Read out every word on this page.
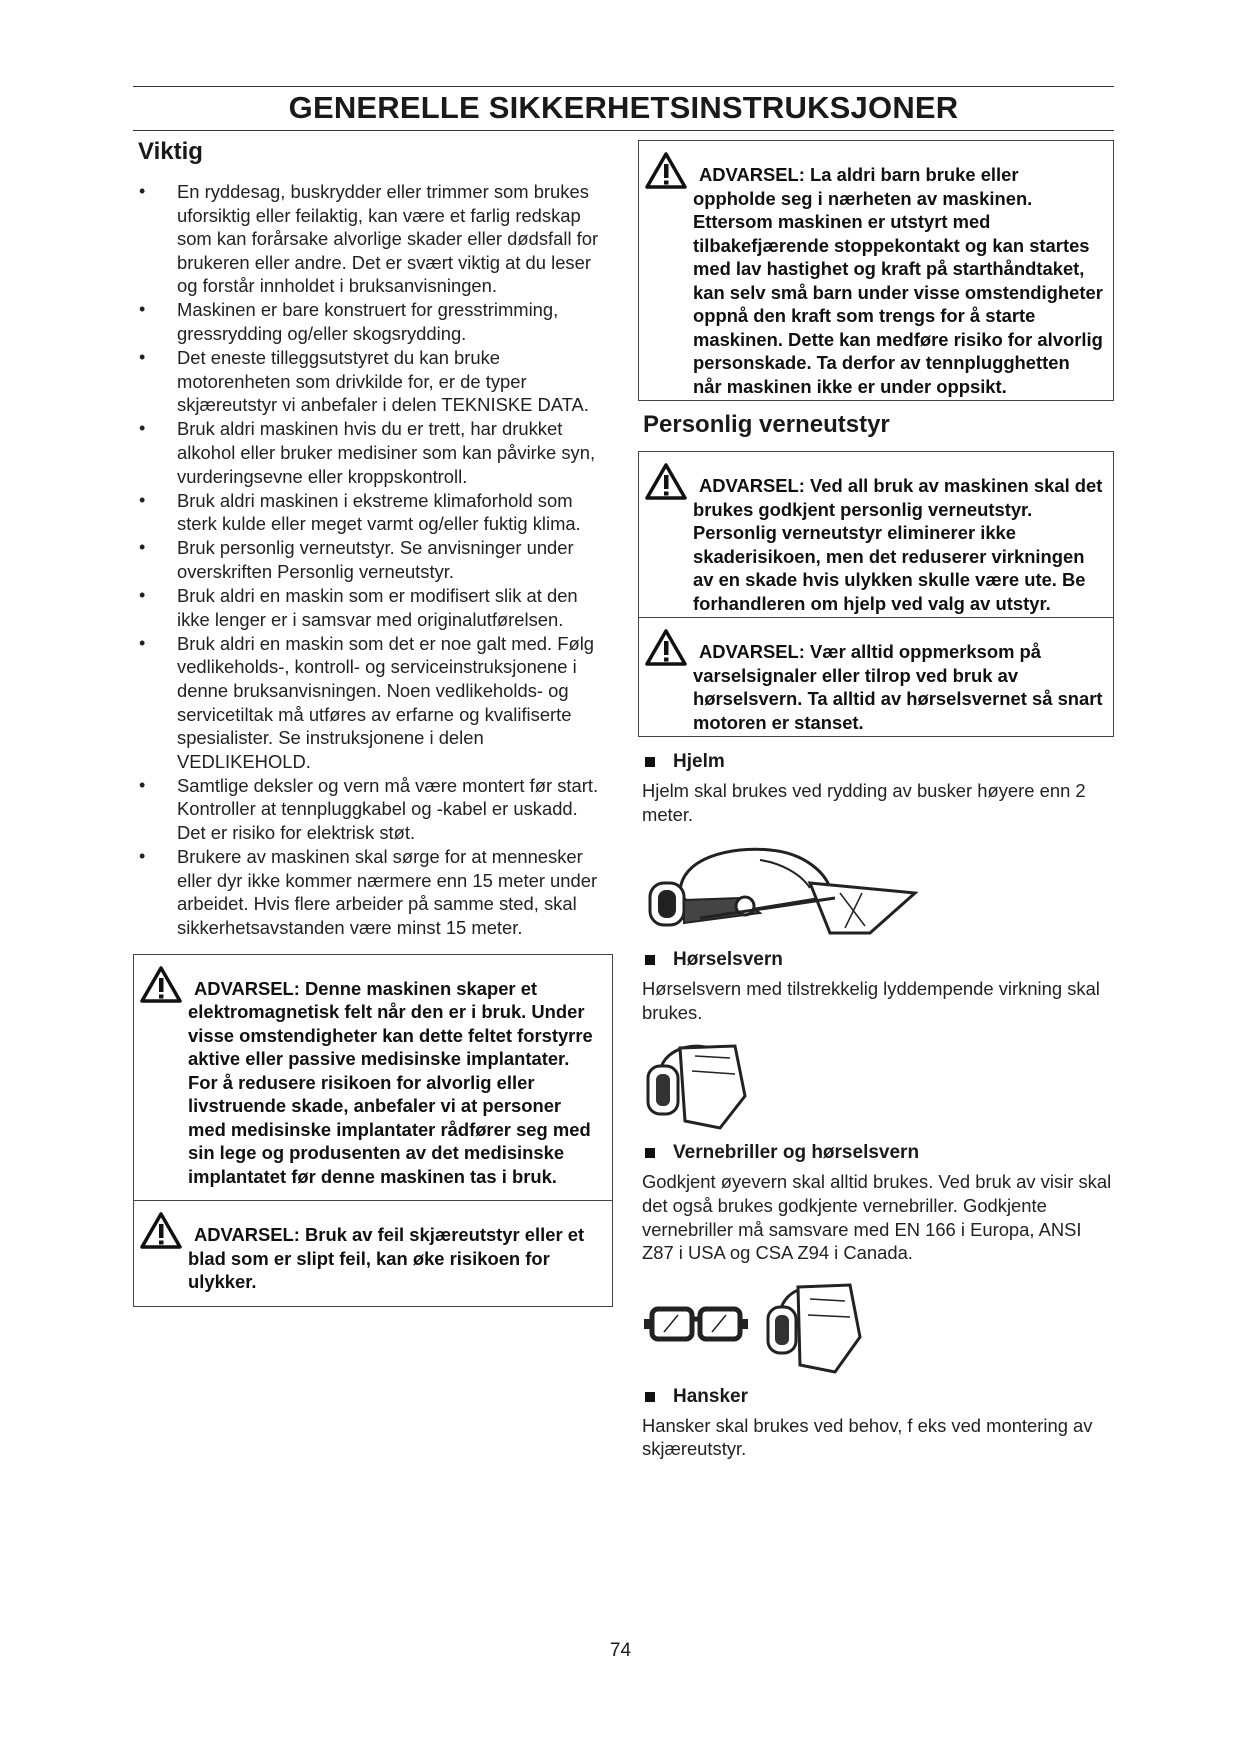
GENERELLE SIKKERHETSINSTRUKSJONER
Viktig
• En ryddesag, buskrydder eller trimmer som brukes uforsiktig eller feilaktig, kan være et farlig redskap som kan forårsake alvorlige skader eller dødsfall for brukeren eller andre. Det er svært viktig at du leser og forstår innholdet i bruksanvisningen.
• Maskinen er bare konstruert for gresstrimming, gressrydding og/eller skogsrydding.
• Det eneste tilleggsutstyret du kan bruke motorenheten som drivkilde for, er de typer skjæreutstyr vi anbefaler i delen TEKNISKE DATA.
• Bruk aldri maskinen hvis du er trett, har drukket alkohol eller bruker medisiner som kan påvirke syn, vurderingsevne eller kroppskontroll.
• Bruk aldri maskinen i ekstreme klimaforhold som sterk kulde eller meget varmt og/eller fuktig klima.
• Bruk personlig verneutstyr. Se anvisninger under overskriften Personlig verneutstyr.
• Bruk aldri en maskin som er modifisert slik at den ikke lenger er i samsvar med originalutførelsen.
• Bruk aldri en maskin som det er noe galt med. Følg vedlikeholds-, kontroll- og serviceinstruksjonene i denne bruksanvisningen. Noen vedlikeholds- og servicetiltak må utføres av erfarne og kvalifiserte spesialister. Se instruksjonene i delen VEDLIKEHOLD.
• Samtlige deksler og vern må være montert før start. Kontroller at tennpluggkabel og -kabel er uskadd. Det er risiko for elektrisk støt.
• Brukere av maskinen skal sørge for at mennesker eller dyr ikke kommer nærmere enn 15 meter under arbeidet. Hvis flere arbeider på samme sted, skal sikkerhetsavstanden være minst 15 meter.
ADVARSEL: Denne maskinen skaper et elektromagnetisk felt når den er i bruk. Under visse omstendigheter kan dette feltet forstyrre aktive eller passive medisinske implantater. For å redusere risikoen for alvorlig eller livstruende skade, anbefaler vi at personer med medisinske implantater rådfører seg med sin lege og produsenten av det medisinske implantatet før denne maskinen tas i bruk.
ADVARSEL: Bruk av feil skjæreutstyr eller et blad som er slipt feil, kan øke risikoen for ulykker.
ADVARSEL: La aldri barn bruke eller oppholde seg i nærheten av maskinen. Ettersom maskinen er utstyrt med tilbakefjærende stoppekontakt og kan startes med lav hastighet og kraft på starthåndtaket, kan selv små barn under visse omstendigheter oppnå den kraft som trengs for å starte maskinen. Dette kan medføre risiko for alvorlig personskade. Ta derfor av tennplugghetten når maskinen ikke er under oppsikt.
Personlig verneutstyr
ADVARSEL: Ved all bruk av maskinen skal det brukes godkjent personlig verneutstyr. Personlig verneutstyr eliminerer ikke skaderisikoen, men det reduserer virkningen av en skade hvis ulykken skulle være ute. Be forhandleren om hjelp ved valg av utstyr.
ADVARSEL: Vær alltid oppmerksom på varselsignaler eller tilrop ved bruk av hørselsvern. Ta alltid av hørselsvernet så snart motoren er stanset.
Hjelm

Hjelm skal brukes ved rydding av busker høyere enn 2 meter.

Hørselsvern

Hørselsvern med tilstrekkelig lyddempende virkning skal brukes.

Vernebriller og hørselsvern

Godkjent øyevern skal alltid brukes. Ved bruk av visir skal det også brukes godkjente vernebriller. Godkjente vernebriller må samsvare med EN 166 i Europa, ANSI Z87 i USA og CSA Z94 i Canada.

Hansker

Hansker skal brukes ved behov, f eks ved montering av skjæreutstyr.

74
